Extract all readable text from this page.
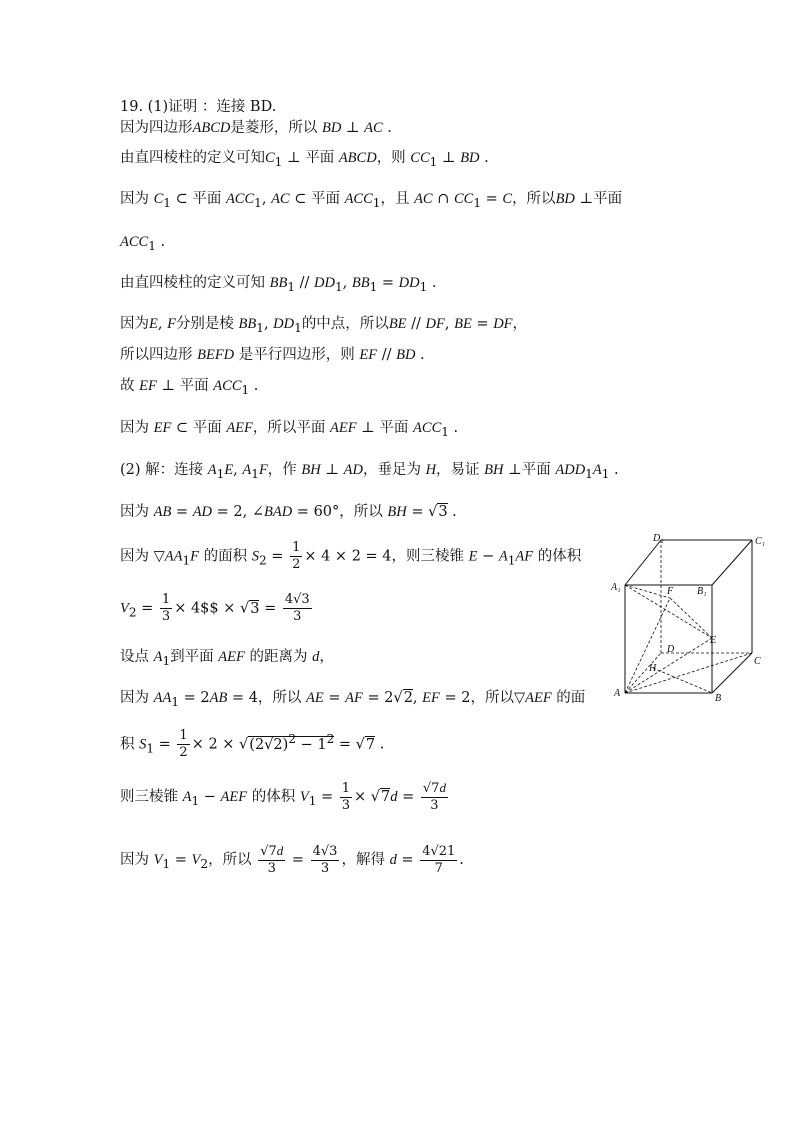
19. (1)证明 ：连接 BD.
因为四边形ABCD是菱形，所以 BD ⊥ AC .
由直四棱柱的定义可知$C_1$ ⊥ 平面 ABCD，则 $CC_1$ ⊥ BD .
因为 $C_1$ ⊂ 平面 $ACC_1$, AC ⊂ 平面 $ACC_1$，且 AC ∩ $CC_1 = C$，所以BD ⊥平面
$ACC_1$ .
由直四棱柱的定义可知 $BB_1 // DD_1$, $BB_1 = DD_1$ .
因为E, F分别是棱 $BB_1$, $DD_1$的中点，所以BE // DF, BE = DF，
所以四边形 BEFD 是平行四边形，则 EF // BD .
故 EF ⊥ 平面 $ACC_1$ .
因为 EF ⊂ 平面 AEF，所以平面 AEF ⊥ 平面 $ACC_1$ .
(2) 解：连接 $A_1E$, $A_1F$，作 BH ⊥ AD，垂足为 H，易证 BH ⊥平面 $ADD_1A_1$ .
因为 AB = AD = 2, ∠BAD = 60°，所以 BH = √3 .
因为 $▽AA_1F$ 的面积 $S_2 = \frac{1}{2} \times 4 \times 2 = 4$，则三棱锥 $E - A_1AF$ 的体积
$V_2 = \frac{1}{3}$ × 4$$ × $√3 = \frac{4√3}{3}$
设点 $A_1$到平面 AEF 的距离为 d，
因为 $AA_1 = 2AB = 4$，所以 AE = AF = 2√2, EF = 2，所以▽AEF 的面
积 $S_1 = \frac{1}{2} \times 2 \times √(2√2)^2 - 1^2 = √7$ .
则三棱锥 $A_1$ − AEF 的体积 $V_1 = \frac{1}{3} \times √7d = \frac{√7d}{3}$
因为 $V_1 = V_2$，所以 $\frac{√7d}{3} = \frac{4√3}{3}$ ，解得 $d = \frac{4√21}{7}$ .
D₁	C₁
A₁	F B₁
E
D
H
C
A	B
